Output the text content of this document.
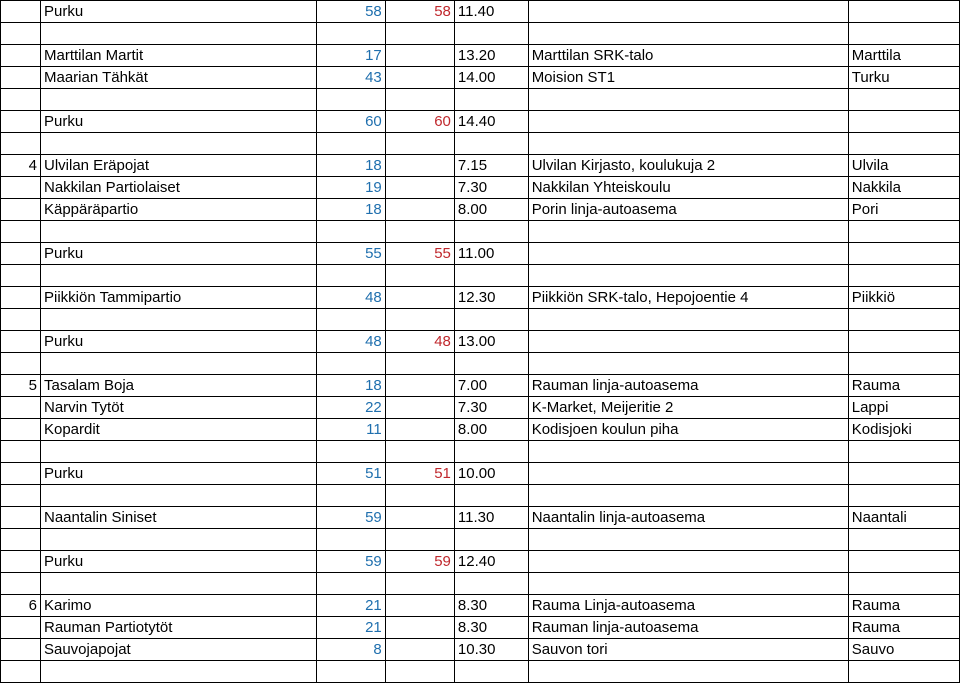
	Purku	58	58	11.40		

	Marttilan Martit	17		13.20	Marttilan SRK-talo	Marttila
	Maarian Tähkät	43		14.00	Moision ST1	Turku

	Purku	60	60	14.40		

4	Ulvilan Eräpojat	18		7.15	Ulvilan Kirjasto, koulukuja 2	Ulvila
	Nakkilan Partiolaiset	19		7.30	Nakkilan Yhteiskoulu	Nakkila
	Käppäräpartio	18		8.00	Porin linja-autoasema	Pori

	Purku	55	55	11.00		

	Piikkiön Tammipartio	48		12.30	Piikkiön SRK-talo, Hepojoentie 4	Piikkiö

	Purku	48	48	13.00		

5	Tasalam Boja	18		7.00	Rauman linja-autoasema	Rauma
	Narvin Tytöt	22		7.30	K-Market, Meijeritie 2	Lappi
	Kopardit	11		8.00	Kodisjoen koulun piha	Kodisjoki

	Purku	51	51	10.00		

	Naantalin Siniset	59		11.30	Naantalin linja-autoasema	Naantali

	Purku	59	59	12.40		

6	Karimo	21		8.30	Rauma Linja-autoasema	Rauma
	Rauman Partiotytöt	21		8.30	Rauman linja-autoasema	Rauma
	Sauvojapojat	8		10.30	Sauvon tori	Sauvo
